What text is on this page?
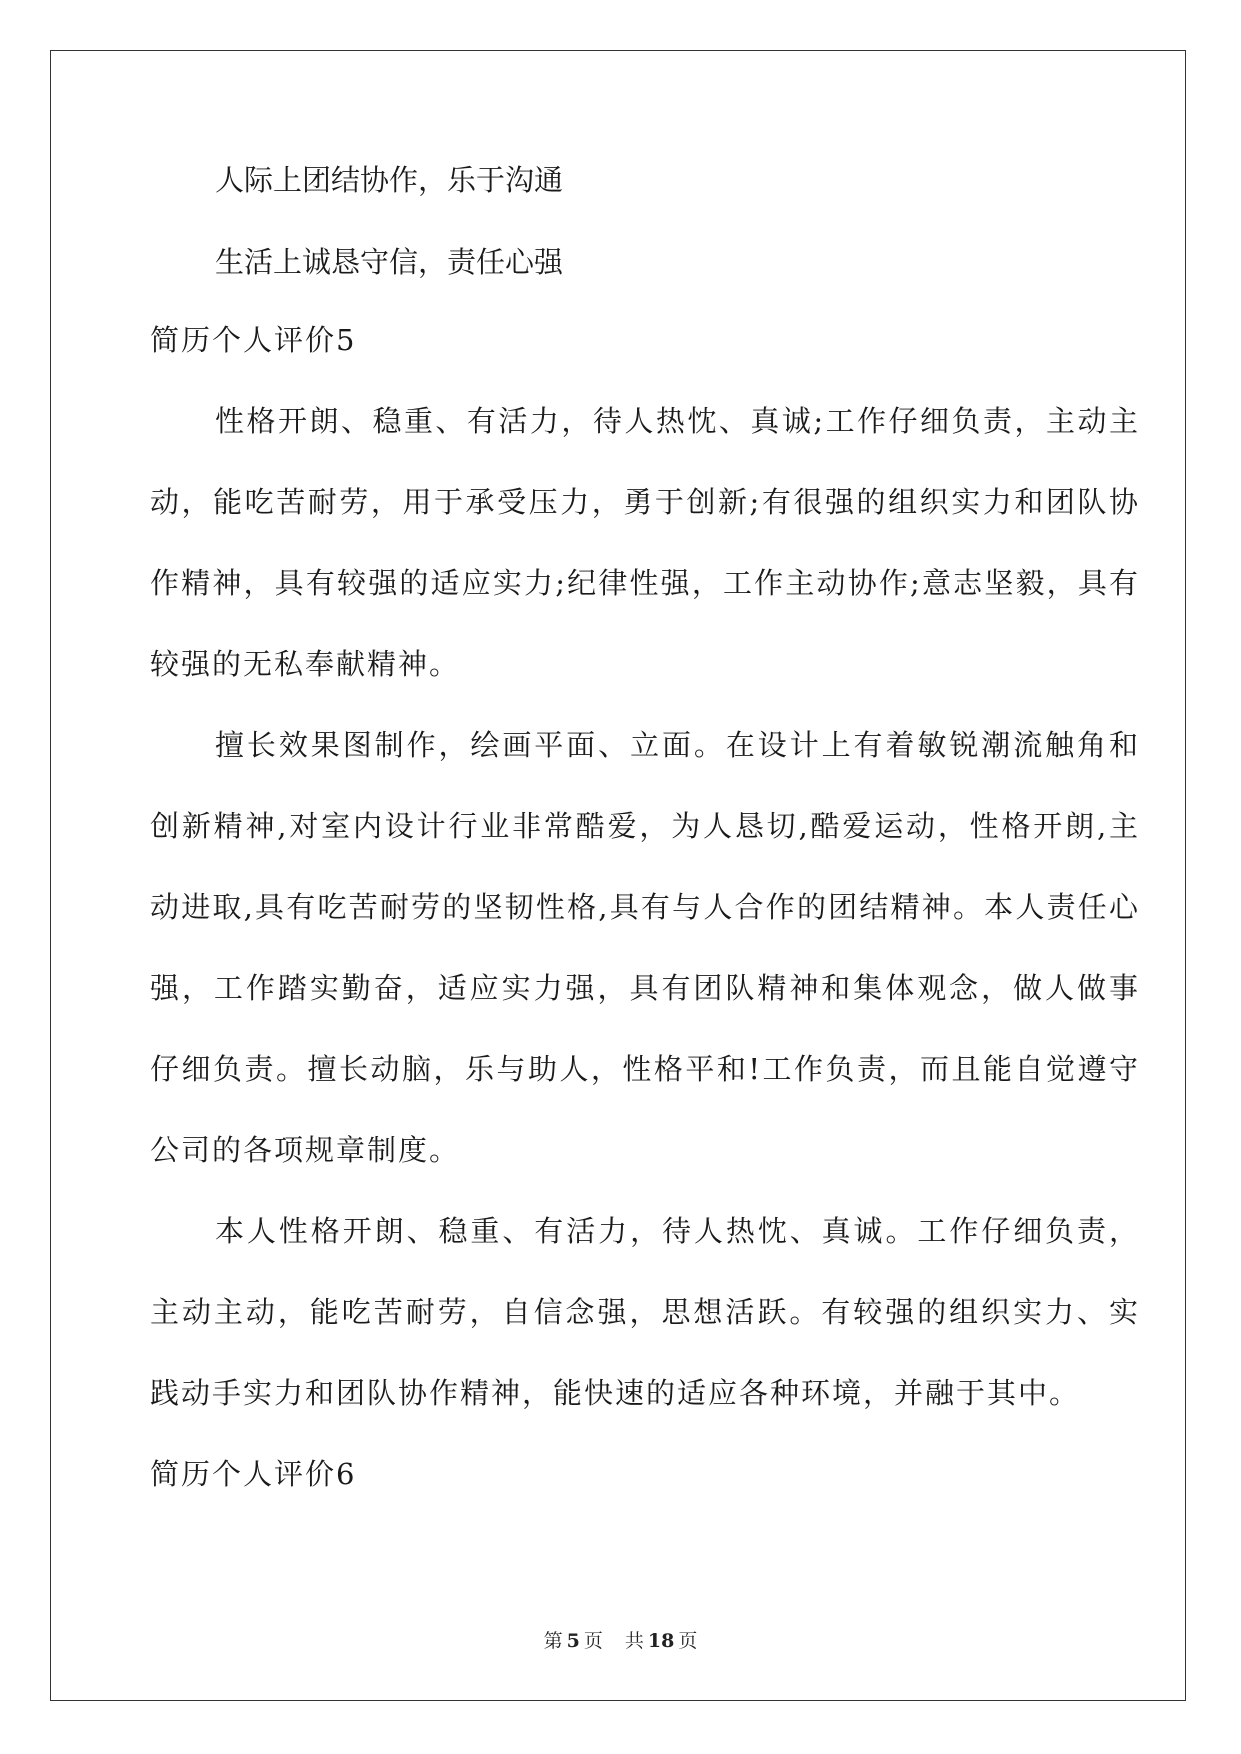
人际上团结协作，乐于沟通
生活上诚恳守信，责任心强
简历个人评价5

性格开朗、稳重、有活力，待人热忱、真诚;工作仔细负责，主动主动，能吃苦耐劳，用于承受压力，勇于创新;有很强的组织实力和团队协作精神，具有较强的适应实力;纪律性强，工作主动协作;意志坚毅，具有较强的无私奉献精神。

擅长效果图制作，绘画平面、立面。在设计上有着敏锐潮流触角和创新精神,对室内设计行业非常酷爱，为人恳切,酷爱运动，性格开朗,主动进取,具有吃苦耐劳的坚韧性格,具有与人合作的团结精神。本人责任心强，工作踏实勤奋，适应实力强，具有团队精神和集体观念，做人做事仔细负责。擅长动脑，乐与助人，性格平和!工作负责，而且能自觉遵守公司的各项规章制度。

本人性格开朗、稳重、有活力，待人热忱、真诚。工作仔细负责，主动主动，能吃苦耐劳，自信念强，思想活跃。有较强的组织实力、实践动手实力和团队协作精神，能快速的适应各种环境，并融于其中。

简历个人评价6
第 5 页 共 18 页
